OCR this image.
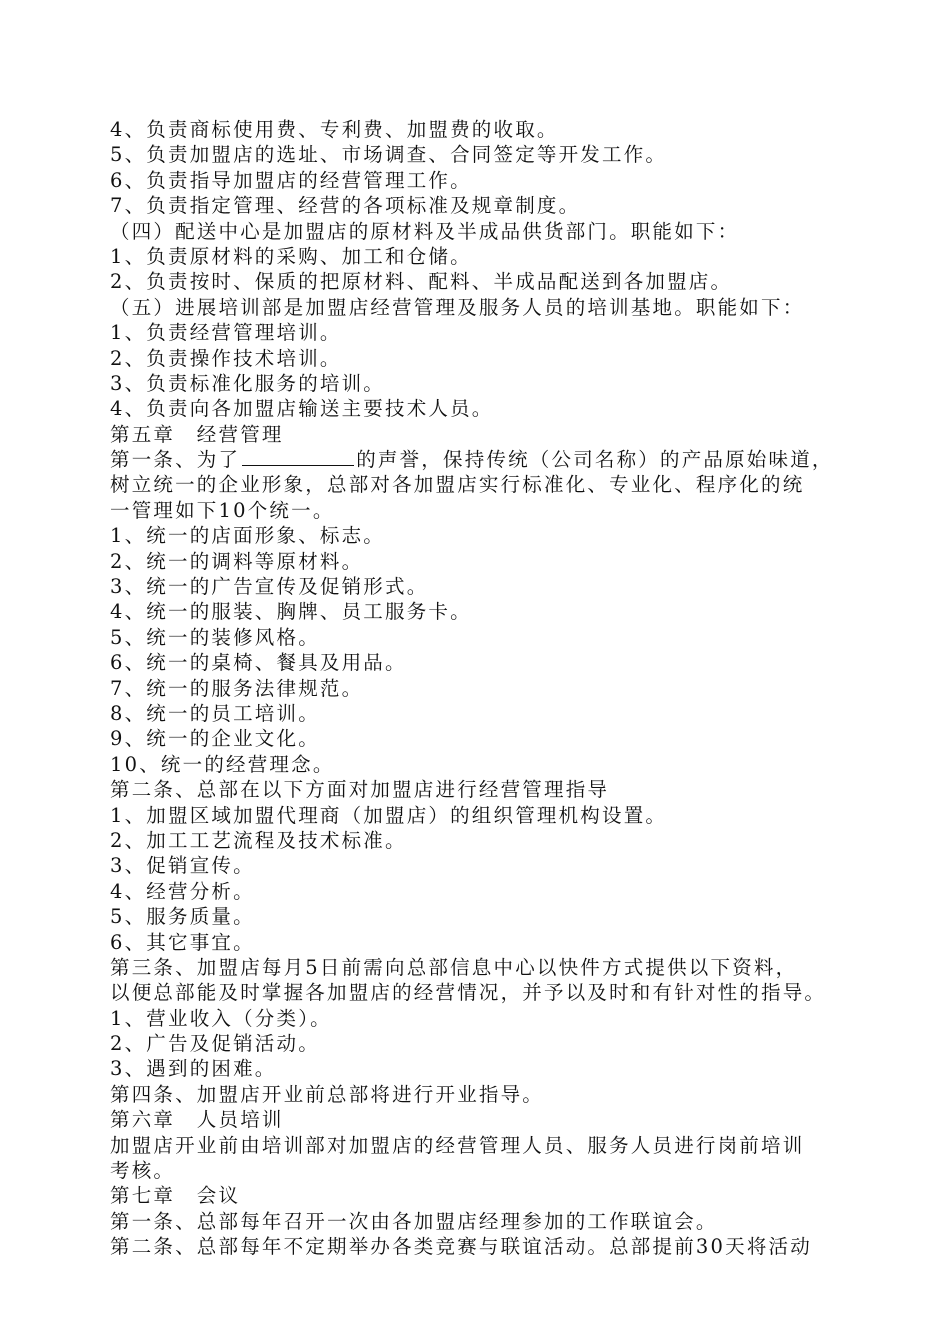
4、负责商标使用费、专利费、加盟费的收取。
5、负责加盟店的选址、市场调查、合同签定等开发工作。
6、负责指导加盟店的经营管理工作。
7、负责指定管理、经营的各项标准及规章制度。
（四）配送中心是加盟店的原材料及半成品供货部门。职能如下：
1、负责原材料的采购、加工和仓储。
2、负责按时、保质的把原材料、配料、半成品配送到各加盟店。
（五）进展培训部是加盟店经营管理及服务人员的培训基地。职能如下：
1、负责经营管理培训。
2、负责操作技术培训。
3、负责标准化服务的培训。
4、负责向各加盟店输送主要技术人员。
第五章　经营管理
第一条、为了	的声誉，保持传统（公司名称）的产品原始味道，
树立统一的企业形象，总部对各加盟店实行标准化、专业化、程序化的统
一管理如下10个统一。
1、统一的店面形象、标志。
2、统一的调料等原材料。
3、统一的广告宣传及促销形式。
4、统一的服装、胸牌、员工服务卡。
5、统一的装修风格。
6、统一的桌椅、餐具及用品。
7、统一的服务法律规范。
8、统一的员工培训。
9、统一的企业文化。
10、统一的经营理念。
第二条、总部在以下方面对加盟店进行经营管理指导
1、加盟区域加盟代理商（加盟店）的组织管理机构设置。
2、加工工艺流程及技术标准。
3、促销宣传。
4、经营分析。
5、服务质量。
6、其它事宜。
第三条、加盟店每月5日前需向总部信息中心以快件方式提供以下资料，
以便总部能及时掌握各加盟店的经营情况，并予以及时和有针对性的指导。
1、营业收入（分类）。
2、广告及促销活动。
3、遇到的困难。
第四条、加盟店开业前总部将进行开业指导。
第六章　人员培训
加盟店开业前由培训部对加盟店的经营管理人员、服务人员进行岗前培训
考核。
第七章　会议
第一条、总部每年召开一次由各加盟店经理参加的工作联谊会。
第二条、总部每年不定期举办各类竞赛与联谊活动。总部提前30天将活动
